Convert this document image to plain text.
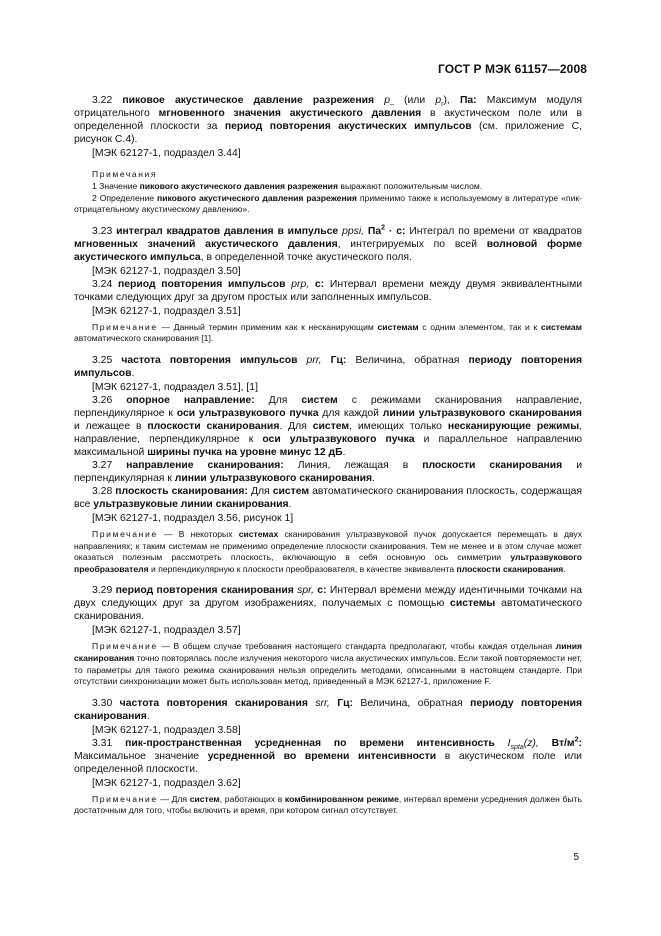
ГОСТ Р МЭК 61157—2008

3.22 пиковое акустическое давление разрежения $p_-$ (или $p_r$), Па: Максимум модуля отрицательного мгновенного значения акустического давления в акустическом поле или в определенной плоскости за период повторения акустических импульсов (см. приложение С, рисунок С.4).

[МЭК 62127-1, подраздел 3.44]
Примечания

1 Значение пикового акустического давления разрежения выражают положительным числом.

2 Определение пикового акустического давления разрежения применимо также к используемому в литературе «пик-отрицательному акустическому давлению».

3.23 интеграл квадратов давления в импульсе ppsi, $Па^2 \cdot с$: Интеграл по времени от квадратов мгновенных значений акустического давления, интегрируемых по всей волновой форме акустического импульса, в определенной точке акустического поля.

[МЭК 62127-1, подраздел 3.50]

3.24 период повторения импульсов prp, с: Интервал времени между двумя эквивалентными точками следующих друг за другом простых или заполненных импульсов.

[МЭК 62127-1, подраздел 3.51]

Примечание — Данный термин применим как к несканирующим системам с одним элементом, так и к системам автоматического сканирования [1].

3.25 частота повторения импульсов prr, Гц: Величина, обратная периоду повторения импульсов.

[МЭК 62127-1, подраздел 3.51], [1]

3.26 опорное направление: Для систем с режимами сканирования направление, перпендикулярное к оси ультразвукового пучка для каждой линии ультразвукового сканирования и лежащее в плоскости сканирования. Для систем, имеющих только несканирующие режимы, направление, перпендикулярное к оси ультразвукового пучка и параллельное направлению максимальной ширины пучка на уровне минус 12 дБ.

3.27 направление сканирования: Линия, лежащая в плоскости сканирования и перпендикулярная к линии ультразвукового сканирования.

3.28 плоскость сканирования: Для систем автоматического сканирования плоскость, содержащая все ультразвуковые линии сканирования.

[МЭК 62127-1, подраздел 3.56, рисунок 1]

Примечание — В некоторых системах сканирования ультразвуковой пучок допускается перемещать в двух направлениях; к таким системам не применимо определение плоскости сканирования. Тем не менее и в этом случае может оказаться полезным рассмотреть плоскость, включающую в себя основную ось симметрии ультразвукового преобразователя и перпендикулярную к плоскости преобразователя, в качестве эквивалента плоскости сканирования.

3.29 период повторения сканирования spr, с: Интервал времени между идентичными точками на двух следующих друг за другом изображениях, получаемых с помощью системы автоматического сканирования.

[МЭК 62127-1, подраздел 3.57]

Примечание — В общем случае требования настоящего стандарта предполагают, чтобы каждая отдельная линия сканирования точно повторялась после излучения некоторого числа акустических импульсов. Если такой повторяемости нет, то параметры для такого режима сканирования нельзя определить методами, описанными в настоящем стандарте. При отсутствии синхронизации может быть использован метод, приведенный в МЭК 62127-1, приложение F.

3.30 частота повторения сканирования srr, Гц: Величина, обратная периоду повторения сканирования.

[МЭК 62127-1, подраздел 3.58]

3.31 пик-пространственная усредненная по времени интенсивность $I_{spta}(z)$, $Вт/м^2$: Максимальное значение усредненной во времени интенсивности в акустическом поле или определенной плоскости.

[МЭК 62127-1, подраздел 3.62]

Примечание — Для систем, работающих в комбинированном режиме, интервал времени усреднения должен быть достаточным для того, чтобы включить и время, при котором сигнал отсутствует.

5
